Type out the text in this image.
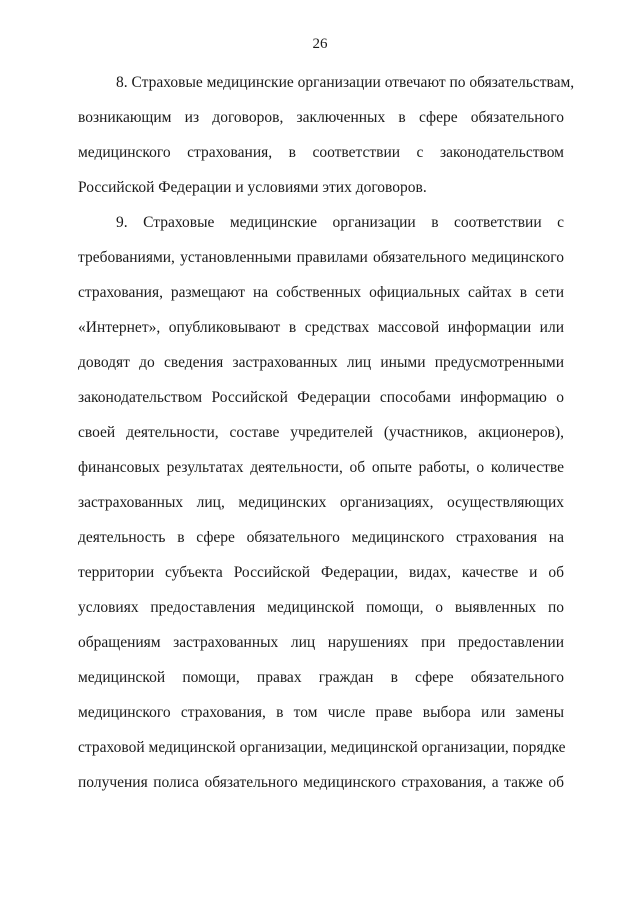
26
8. Страховые медицинские организации отвечают по обязательствам,
возникающим из договоров, заключенных в сфере обязательного
медицинского страхования, в соответствии с законодательством
Российской Федерации и условиями этих договоров.
9. Страховые медицинские организации в соответствии с
требованиями, установленными правилами обязательного медицинского
страхования, размещают на собственных официальных сайтах в сети
«Интернет», опубликовывают в средствах массовой информации или
доводят до сведения застрахованных лиц иными предусмотренными
законодательством Российской Федерации способами информацию о
своей деятельности, составе учредителей (участников, акционеров),
финансовых результатах деятельности, об опыте работы, о количестве
застрахованных лиц, медицинских организациях, осуществляющих
деятельность в сфере обязательного медицинского страхования на
территории субъекта Российской Федерации, видах, качестве и об
условиях предоставления медицинской помощи, о выявленных по
обращениям застрахованных лиц нарушениях при предоставлении
медицинской помощи, правах граждан в сфере обязательного
медицинского страхования, в том числе праве выбора или замены
страховой медицинской организации, медицинской организации, порядке
получения полиса обязательного медицинского страхования, а также об
